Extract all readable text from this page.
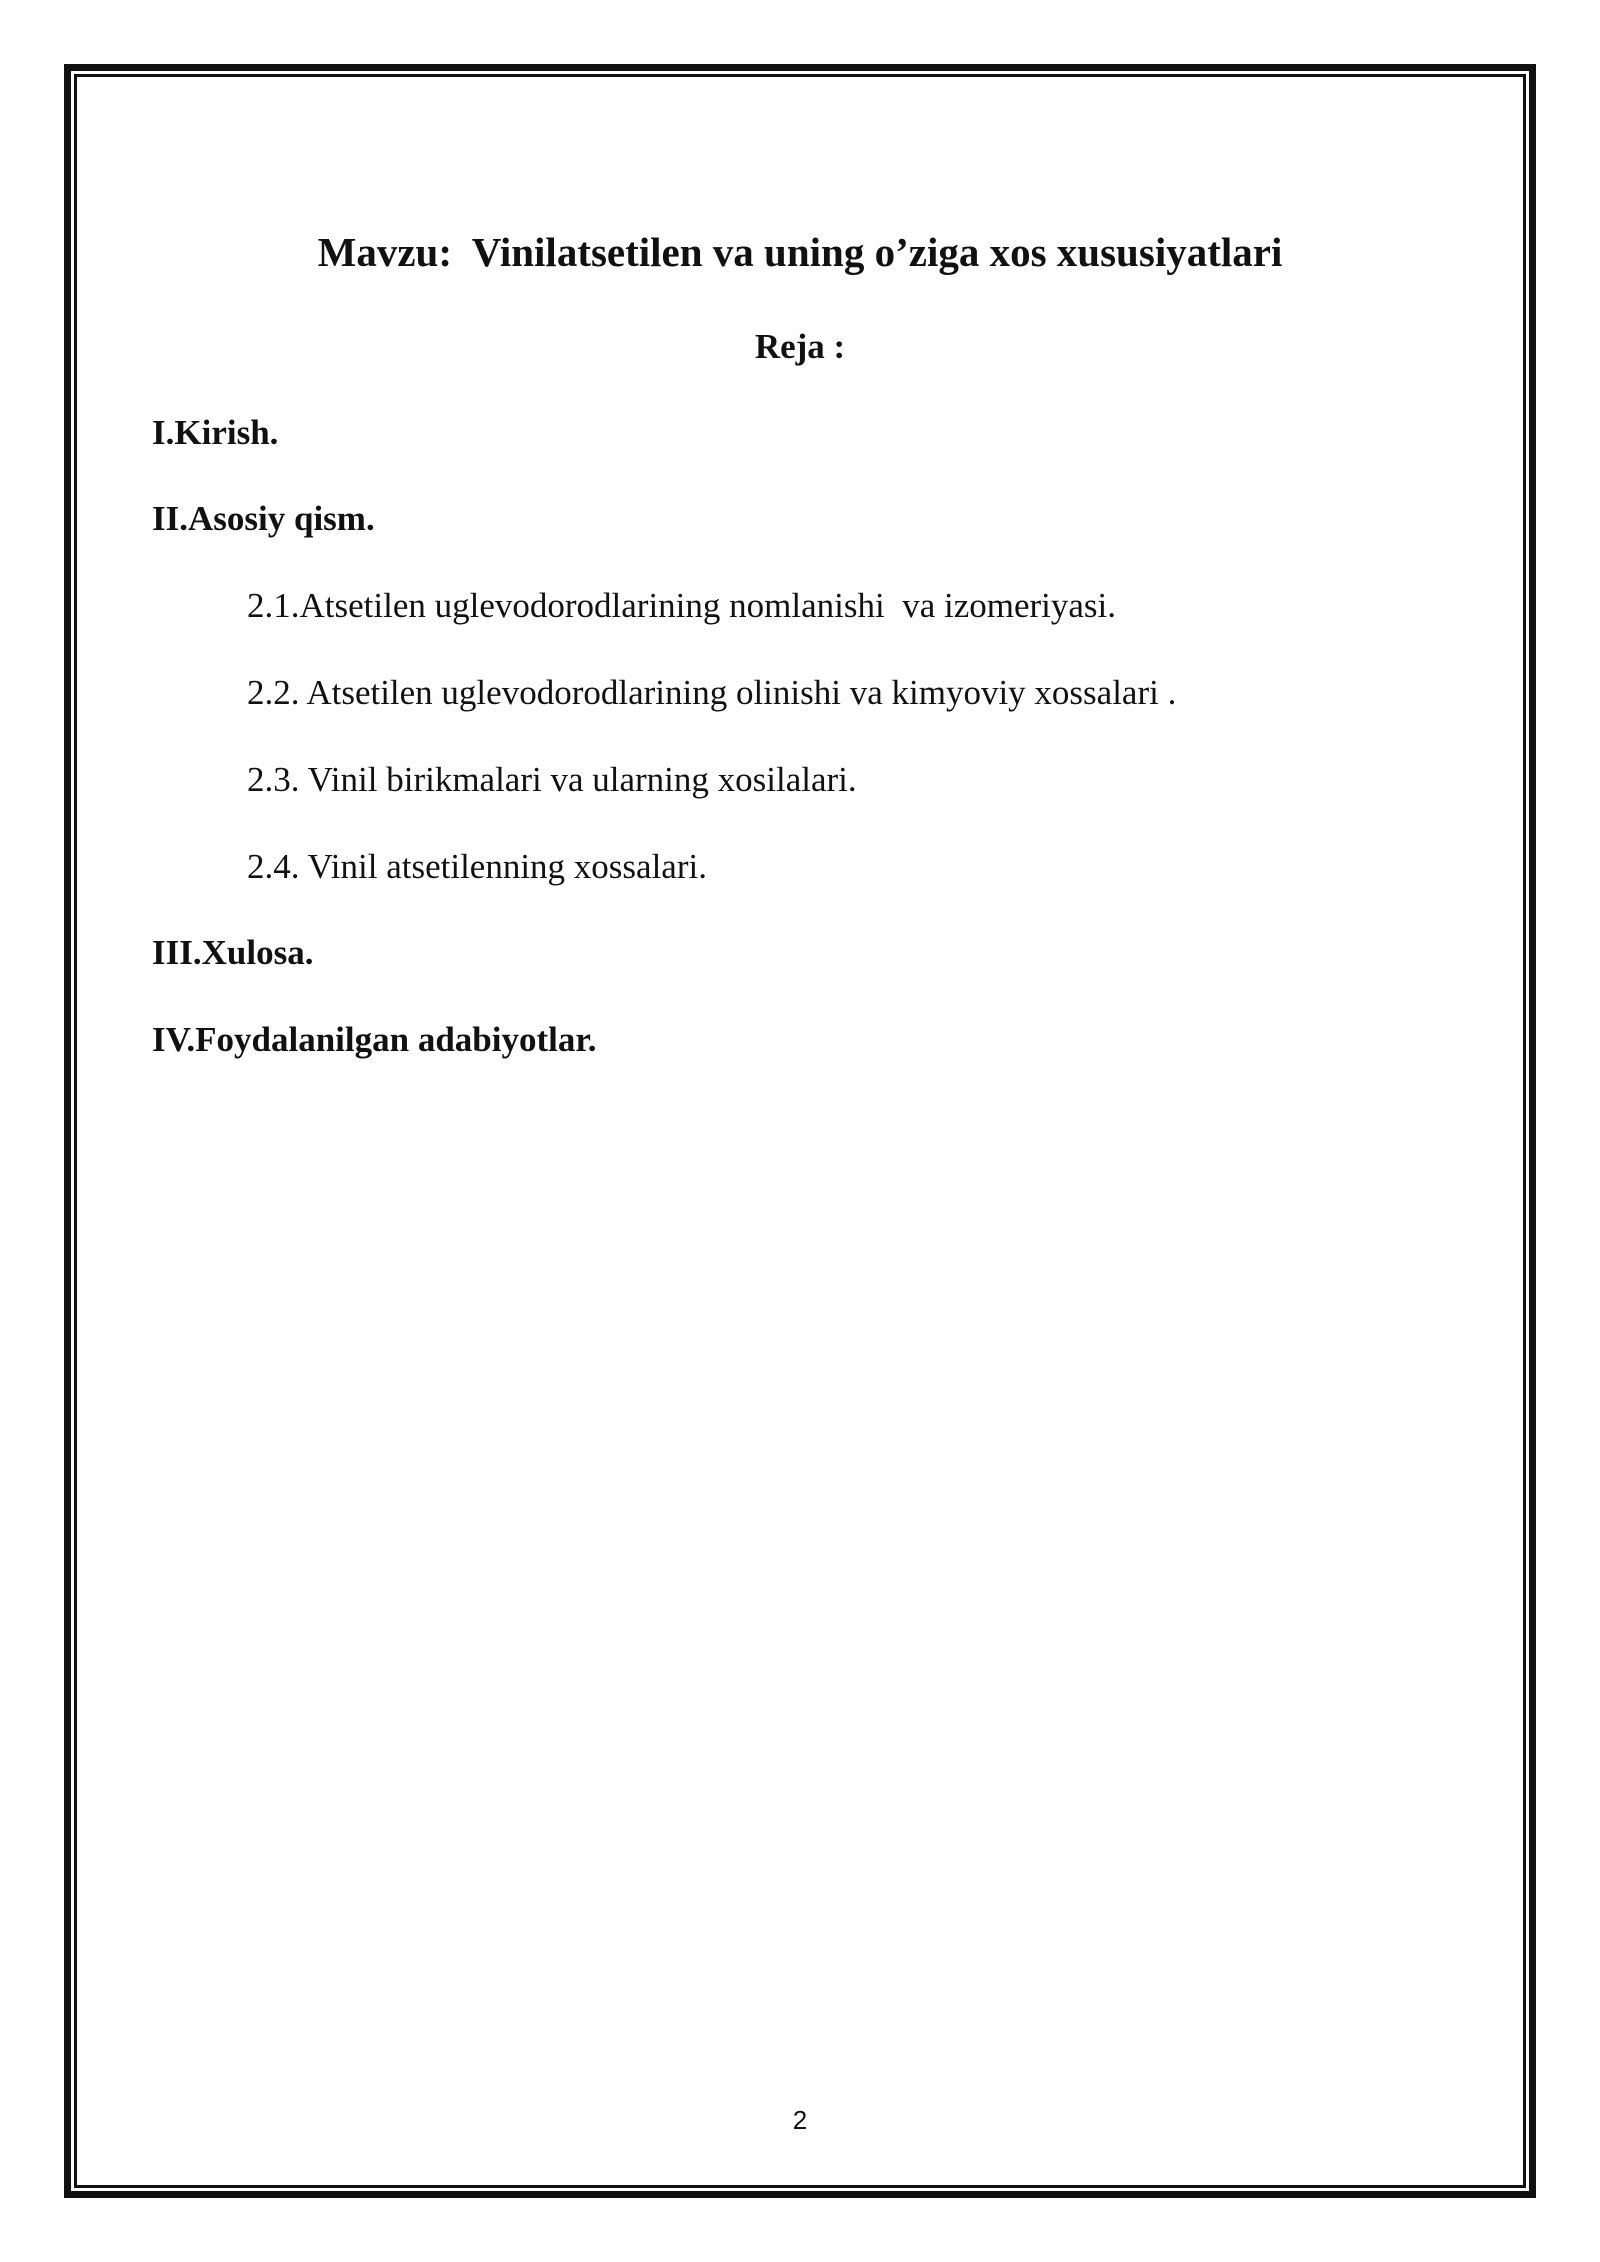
Mavzu:  Vinilatsetilen va uning o’ziga xos xususiyatlari
Reja :
I.Kirish.
II.Asosiy qism.
2.1.Atsetilen uglevodorodlarining nomlanishi  va izomeriyasi.
2.2. Atsetilen uglevodorodlarining olinishi va kimyoviy xossalari .
2.3. Vinil birikmalari va ularning xosilalari.
2.4. Vinil atsetilenning xossalari.
III.Xulosa.
IV.Foydalanilgan adabiyotlar.
2
